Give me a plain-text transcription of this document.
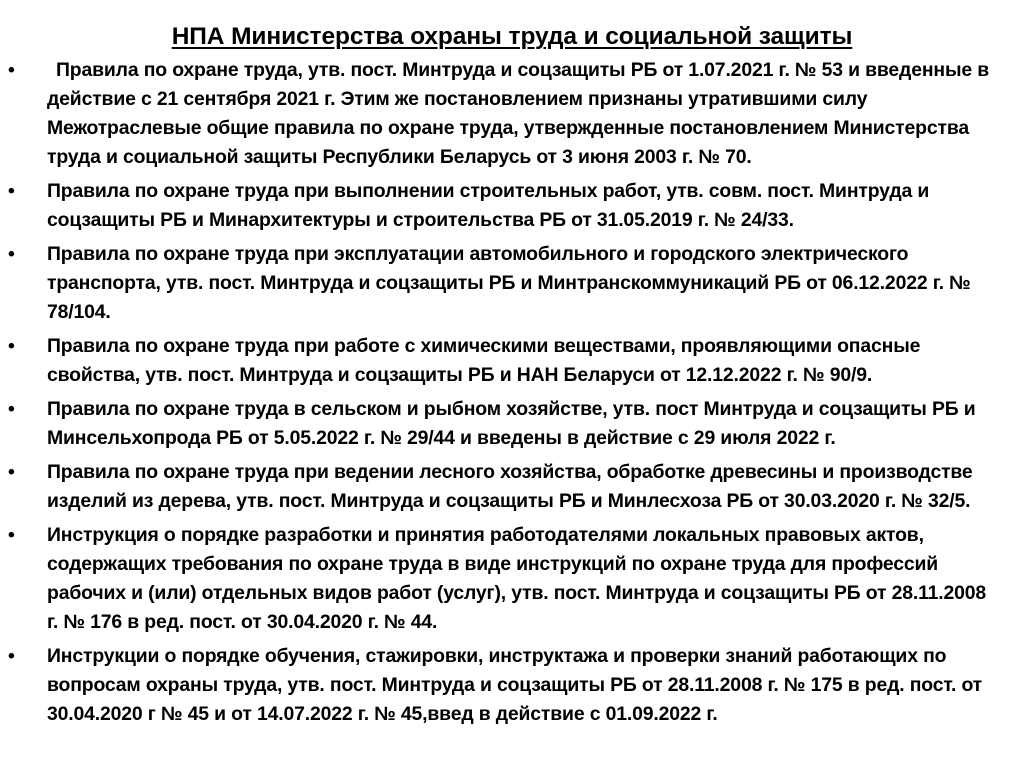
НПА Министерства охраны труда и социальной защиты
•	Правила по охране труда, утв. пост. Минтруда и соцзащиты РБ от 1.07.2021 г. № 53 и введенные в действие с 21 сентября 2021 г. Этим же постановлением признаны утратившими силу Межотраслевые общие правила по охране труда, утвержденные постановлением Министерства труда и социальной защиты Республики Беларусь от 3 июня 2003 г. № 70.
•	Правила по охране труда при выполнении строительных работ, утв. совм. пост. Минтруда и соцзащиты РБ и Минархитектуры и строительства РБ от 31.05.2019 г. № 24/33.
•	Правила по охране труда при эксплуатации автомобильного и городского электрического транспорта, утв. пост. Минтруда и соцзащиты РБ и Минтранскоммуникаций РБ от 06.12.2022 г. № 78/104.
•	Правила по охране труда при работе с химическими веществами, проявляющими опасные свойства, утв. пост. Минтруда и соцзащиты РБ и НАН Беларуси от 12.12.2022 г. № 90/9.
•	Правила по охране труда в сельском и рыбном хозяйстве, утв. пост Минтруда и соцзащиты РБ и Минсельхопрода РБ от 5.05.2022 г. № 29/44 и введены в действие с 29 июля 2022 г.
•	Правила по охране труда при ведении лесного хозяйства, обработке древесины и производстве изделий из дерева, утв. пост. Минтруда и соцзащиты РБ и Минлесхоза РБ от 30.03.2020 г. № 32/5.
•	Инструкция о порядке разработки и принятия работодателями локальных правовых актов, содержащих требования по охране труда в виде инструкций по охране труда для профессий рабочих и (или) отдельных видов работ (услуг), утв. пост. Минтруда и соцзащиты РБ от 28.11.2008 г. № 176 в ред. пост. от 30.04.2020 г. № 44.
•	Инструкции о порядке обучения, стажировки, инструктажа и проверки знаний работающих по вопросам охраны труда, утв. пост. Минтруда и соцзащиты РБ от 28.11.2008 г. № 175 в ред. пост. от 30.04.2020 г № 45 и от 14.07.2022 г. № 45,введ в действие с 01.09.2022 г.
